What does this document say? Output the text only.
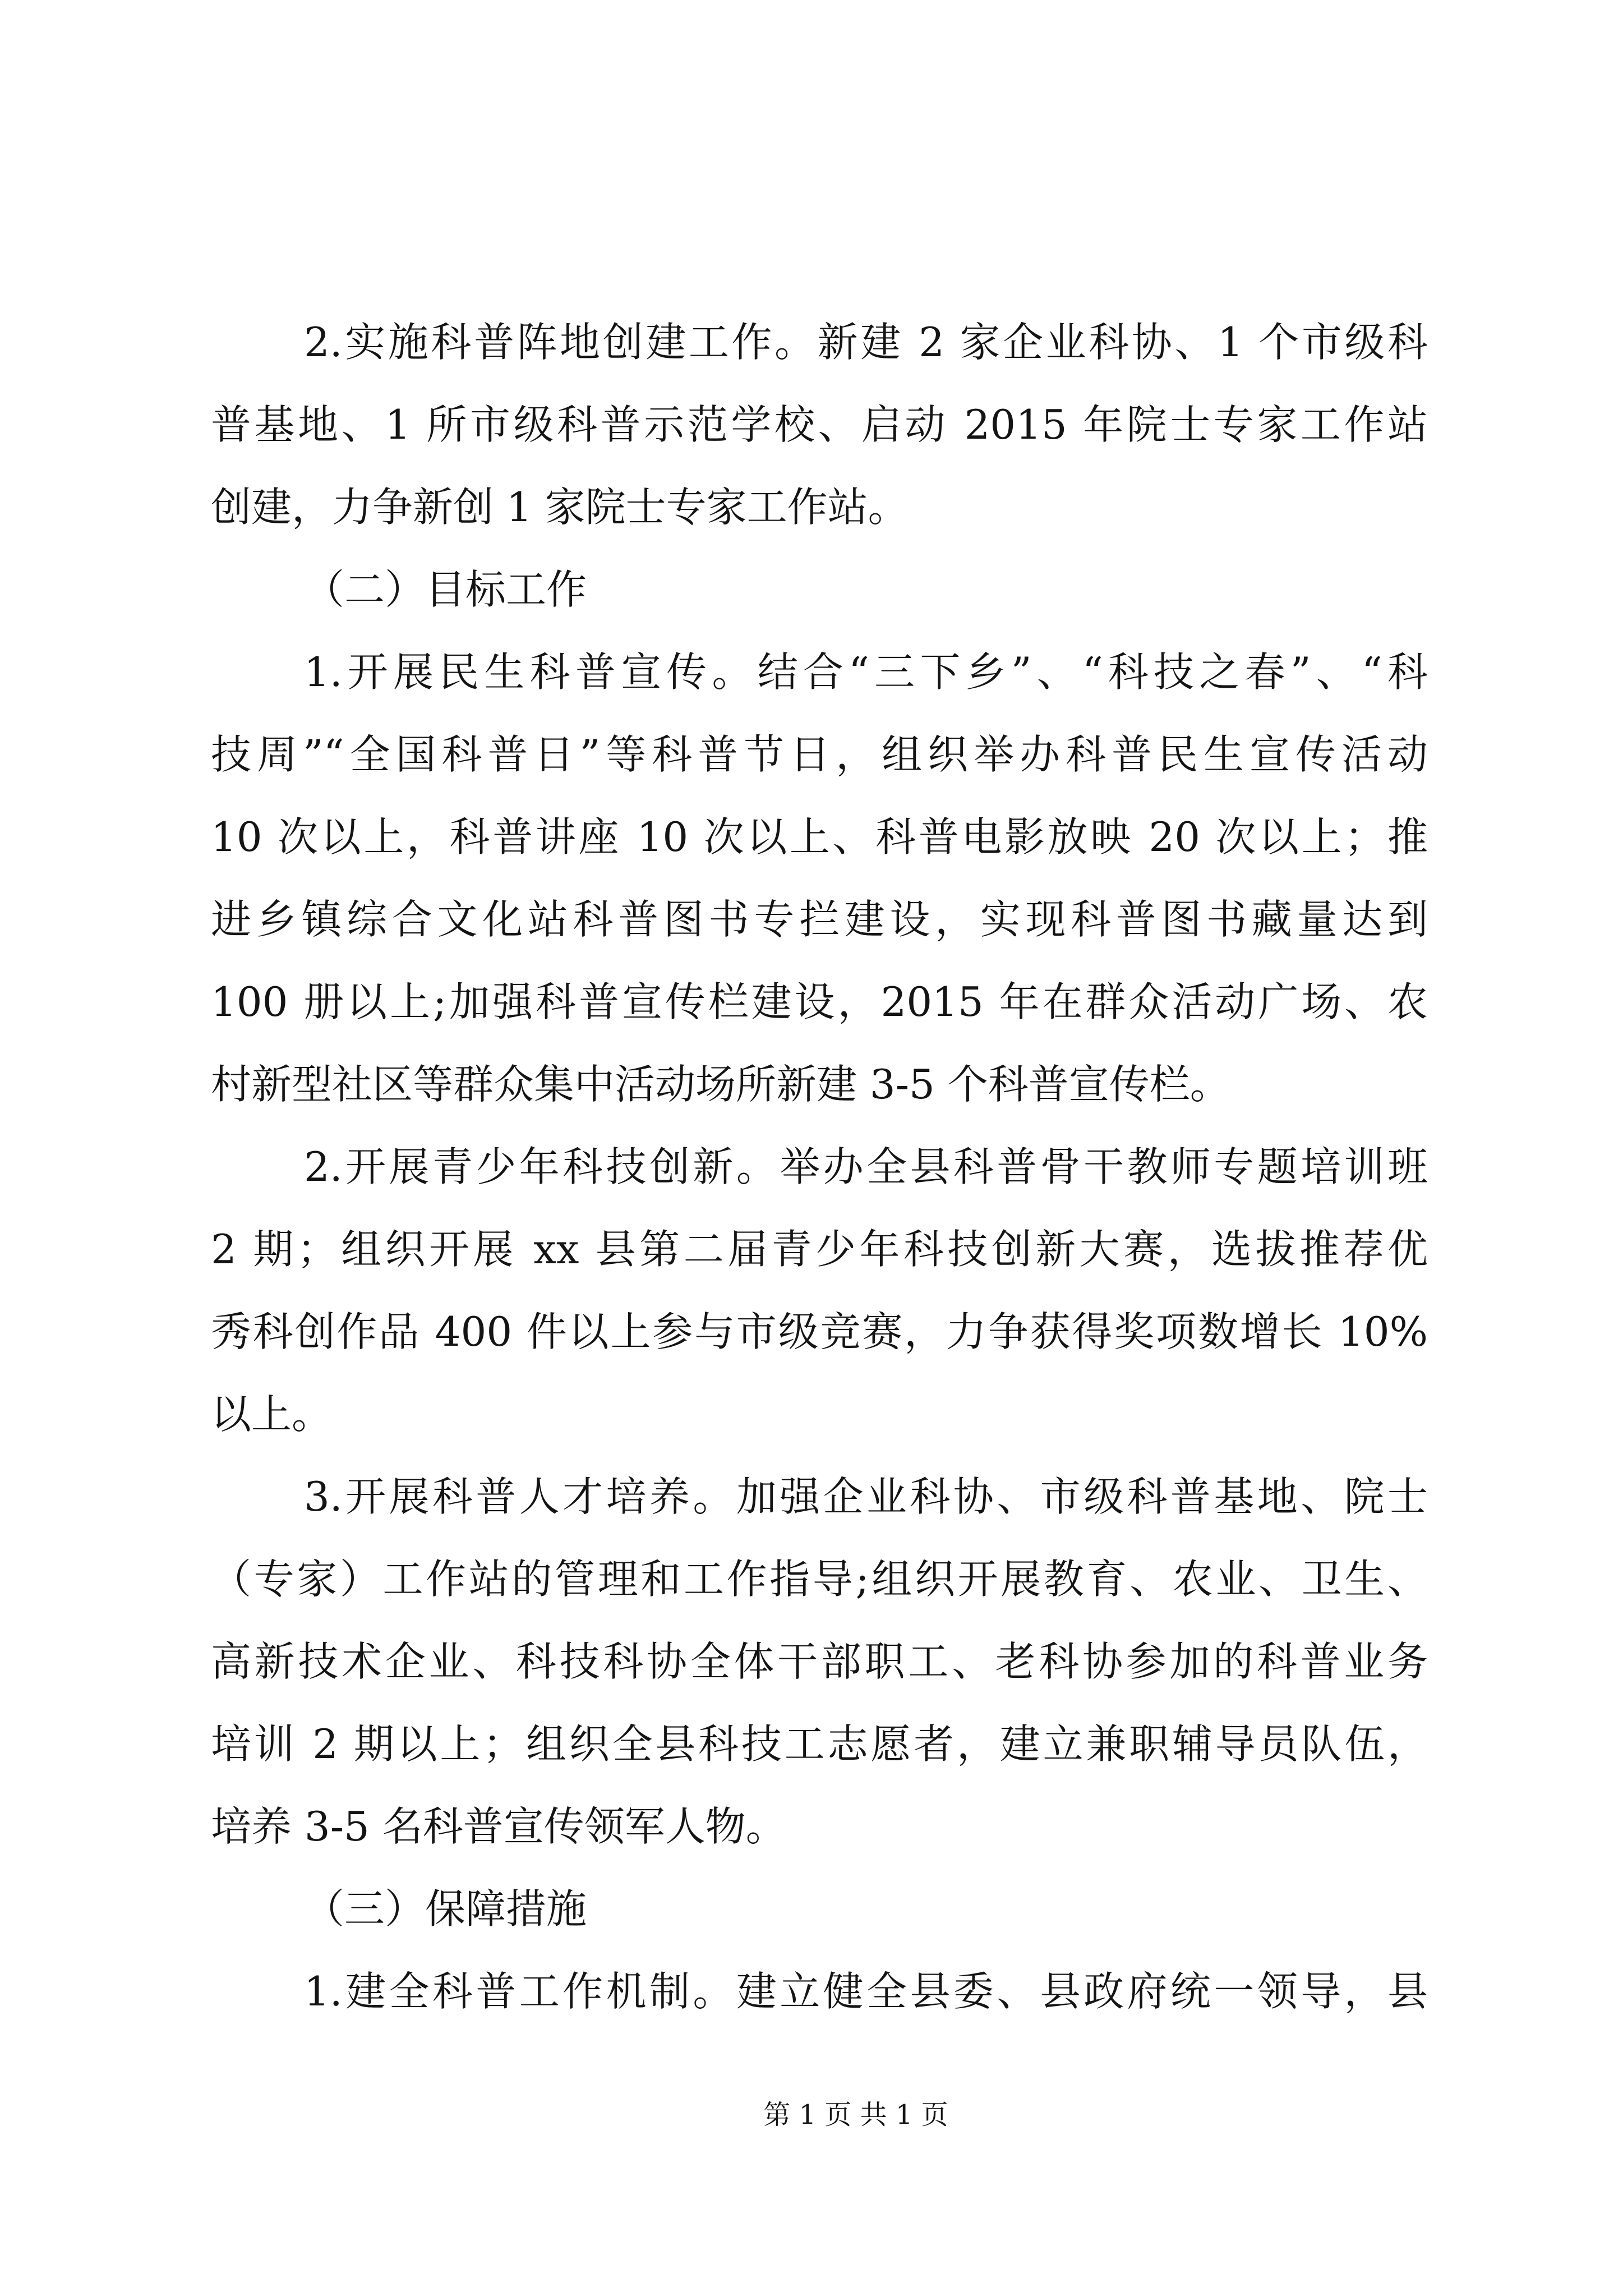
2.实施科普阵地创建工作。新建 2 家企业科协、1 个市级科
普基地、1 所市级科普示范学校、启动 2015 年院士专家工作站
创建，力争新创 1 家院士专家工作站。
（二）目标工作
1.开展民生科普宣传。结合“三下乡”、“科技之春”、“科
技周”“全国科普日”等科普节日，组织举办科普民生宣传活动
10 次以上，科普讲座 10 次以上、科普电影放映 20 次以上；推
进乡镇综合文化站科普图书专拦建设，实现科普图书藏量达到
100 册以上;加强科普宣传栏建设，2015 年在群众活动广场、农
村新型社区等群众集中活动场所新建 3-5 个科普宣传栏。
2.开展青少年科技创新。举办全县科普骨干教师专题培训班
2 期；组织开展 xx 县第二届青少年科技创新大赛，选拔推荐优
秀科创作品 400 件以上参与市级竞赛，力争获得奖项数增长 10%
以上。
3.开展科普人才培养。加强企业科协、市级科普基地、院士
（专家）工作站的管理和工作指导;组织开展教育、农业、卫生、
高新技术企业、科技科协全体干部职工、老科协参加的科普业务
培训 2 期以上；组织全县科技工志愿者，建立兼职辅导员队伍，
培养 3-5 名科普宣传领军人物。
（三）保障措施
1.建全科普工作机制。建立健全县委、县政府统一领导，县
第 1 页 共 1 页
